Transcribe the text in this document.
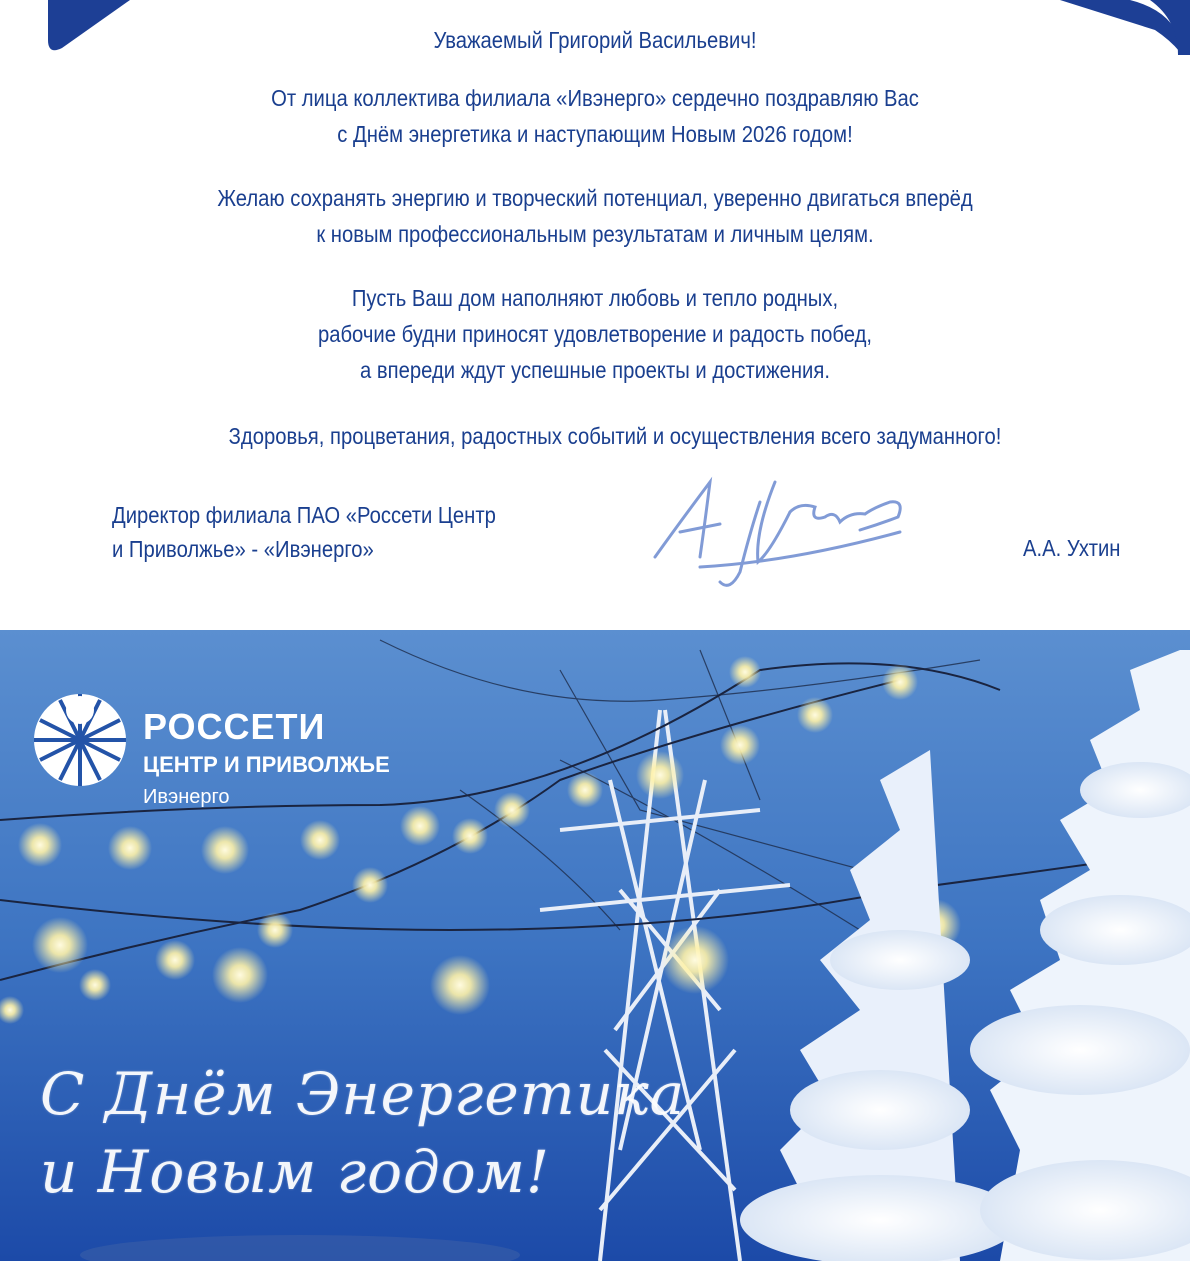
Уважаемый Григорий Васильевич!
От лица коллектива филиала «Ивэнерго» сердечно поздравляю Вас
с Днём энергетика и наступающим Новым 2026 годом!
Желаю сохранять энергию и творческий потенциал, уверенно двигаться вперёд
к новым профессиональным результатам и личным целям.
Пусть Ваш дом наполняют любовь и тепло родных,
рабочие будни приносят удовлетворение и радость побед,
а впереди ждут успешные проекты и достижения.
Здоровья, процветания, радостных событий и осуществления всего задуманного!
Директор филиала ПАО «Россети Центр
и Приволжье» - «Ивэнерго»	А.А. Ухтин
РОССЕТИ
ЦЕНТР И ПРИВОЛЖЬЕ
Ивэнерго
С Днём Энергетика
и Новым годом!
